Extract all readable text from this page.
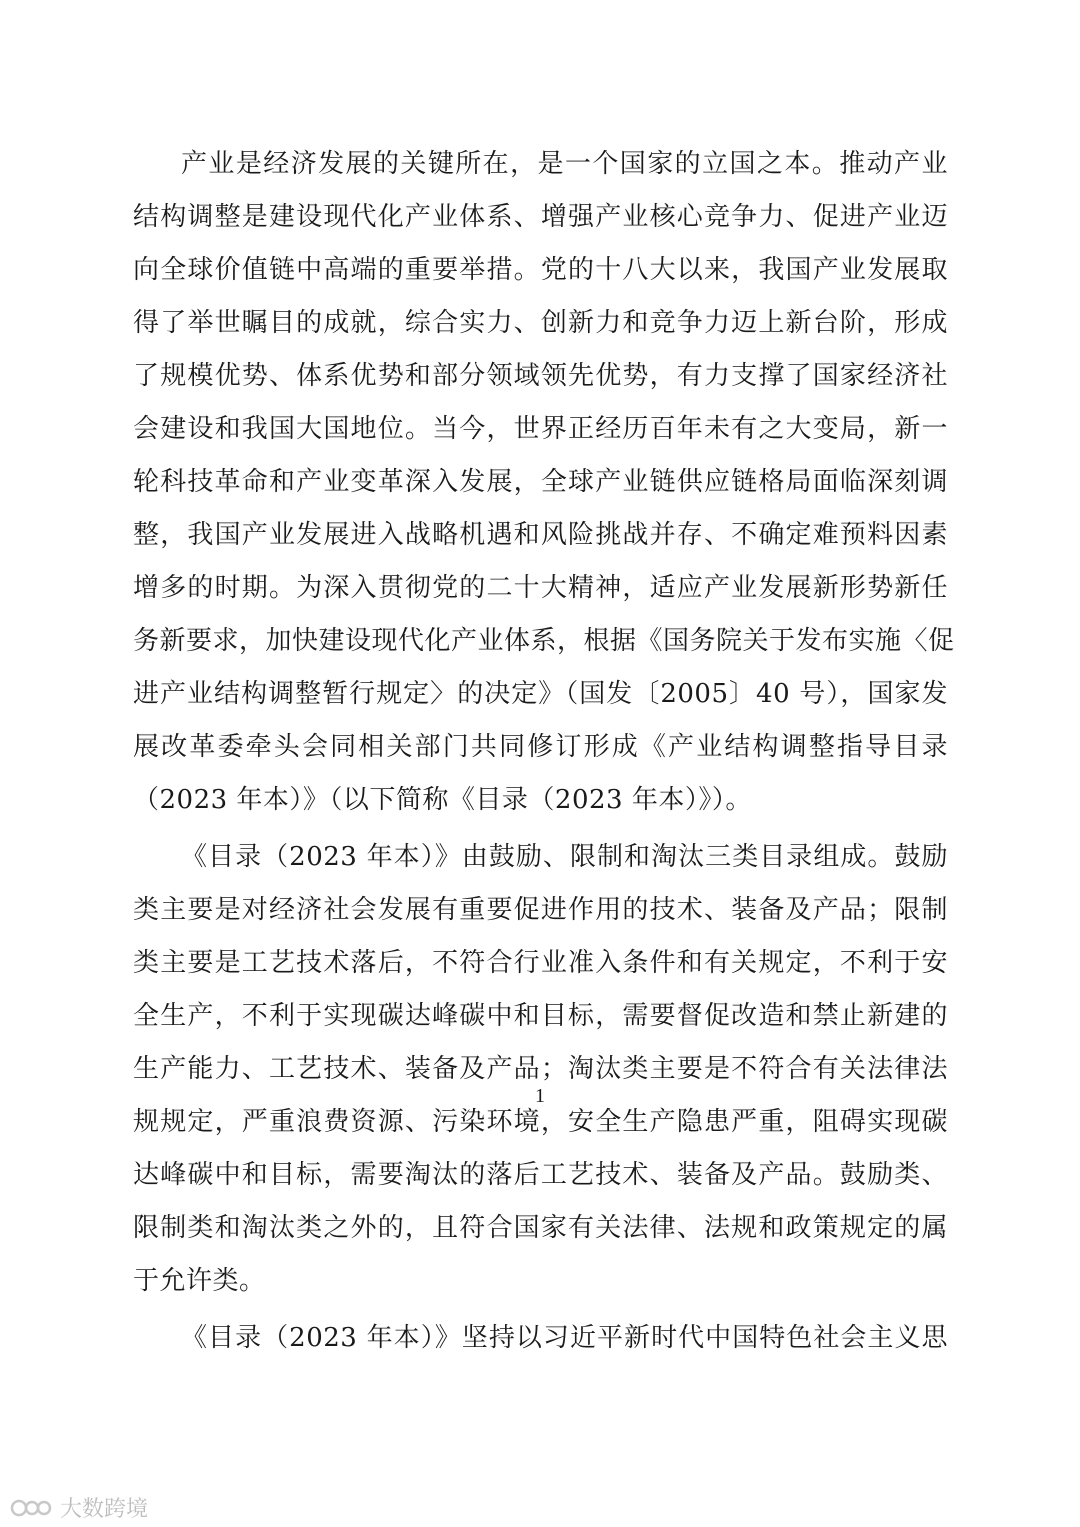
产业是经济发展的关键所在，是一个国家的立国之本。推动产业
结构调整是建设现代化产业体系、增强产业核心竞争力、促进产业迈
向全球价值链中高端的重要举措。党的十八大以来，我国产业发展取
得了举世瞩目的成就，综合实力、创新力和竞争力迈上新台阶，形成
了规模优势、体系优势和部分领域领先优势，有力支撑了国家经济社
会建设和我国大国地位。当今，世界正经历百年未有之大变局，新一
轮科技革命和产业变革深入发展，全球产业链供应链格局面临深刻调
整，我国产业发展进入战略机遇和风险挑战并存、不确定难预料因素
增多的时期。为深入贯彻党的二十大精神，适应产业发展新形势新任
务新要求，加快建设现代化产业体系，根据《国务院关于发布实施〈促
进产业结构调整暂行规定〉的决定》（国发〔2005〕40 号），国家发
展改革委牵头会同相关部门共同修订形成《产业结构调整指导目录
（2023 年本）》（以下简称《目录（2023 年本）》）。
《目录（2023 年本）》由鼓励、限制和淘汰三类目录组成。鼓励
类主要是对经济社会发展有重要促进作用的技术、装备及产品；限制
类主要是工艺技术落后，不符合行业准入条件和有关规定，不利于安
全生产，不利于实现碳达峰碳中和目标，需要督促改造和禁止新建的
生产能力、工艺技术、装备及产品；淘汰类主要是不符合有关法律法
规规定，严重浪费资源、污染环境，安全生产隐患严重，阻碍实现碳
达峰碳中和目标，需要淘汰的落后工艺技术、装备及产品。鼓励类、
限制类和淘汰类之外的，且符合国家有关法律、法规和政策规定的属
于允许类。
《目录（2023 年本）》坚持以习近平新时代中国特色社会主义思
1
大数跨境
